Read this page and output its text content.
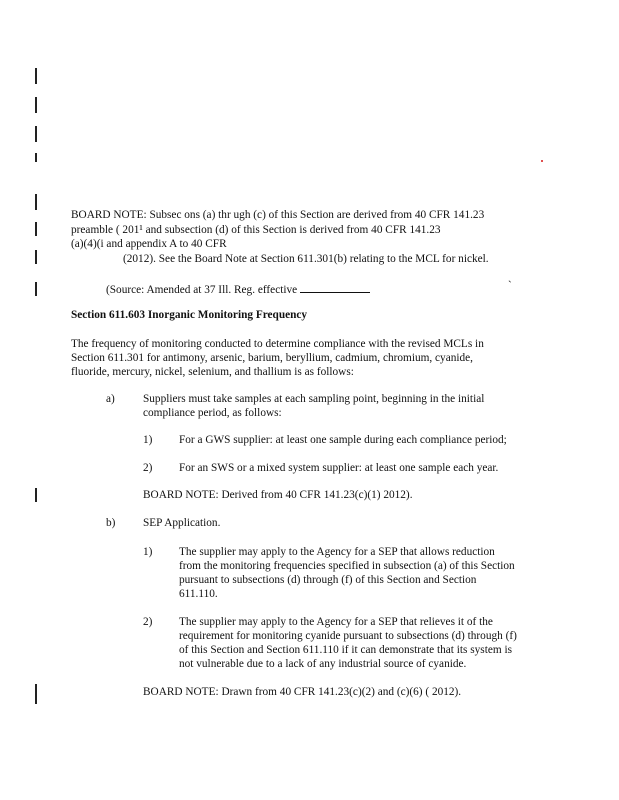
BOARD NOTE: Subsec ons (a) thr ugh (c) of this Section are derived from 40 CFR 141.23
preamble ( 201¹ and subsection (d) of this Section is derived from 40 CFR 141.23
(a)(4)(i and appendix A to 40 CFR
(2012). See the Board Note at Section 611.301(b) relating to the MCL for nickel.
(Source: Amended at 37 Ill. Reg. effective	`
Section 611.603 Inorganic Monitoring Frequency
The frequency of monitoring conducted to determine compliance with the revised MCLs in
Section 611.301 for antimony, arsenic, barium, beryllium, cadmium, chromium, cyanide,
fluoride, mercury, nickel, selenium, and thallium is as follows:
a) Suppliers must take samples at each sampling point, beginning in the initial
compliance period, as follows:
1) For a GWS supplier: at least one sample during each compliance period;
2) For an SWS or a mixed system supplier: at least one sample each year.
BOARD NOTE: Derived from 40 CFR 141.23(c)(1) 2012).
b) SEP Application.
1) The supplier may apply to the Agency for a SEP that allows reduction
from the monitoring frequencies specified in subsection (a) of this Section
pursuant to subsections (d) through (f) of this Section and Section
611.110.
2) The supplier may apply to the Agency for a SEP that relieves it of the
requirement for monitoring cyanide pursuant to subsections (d) through (f)
of this Section and Section 611.110 if it can demonstrate that its system is
not vulnerable due to a lack of any industrial source of cyanide.
BOARD NOTE: Drawn from 40 CFR 141.23(c)(2) and (c)(6) ( 2012).
